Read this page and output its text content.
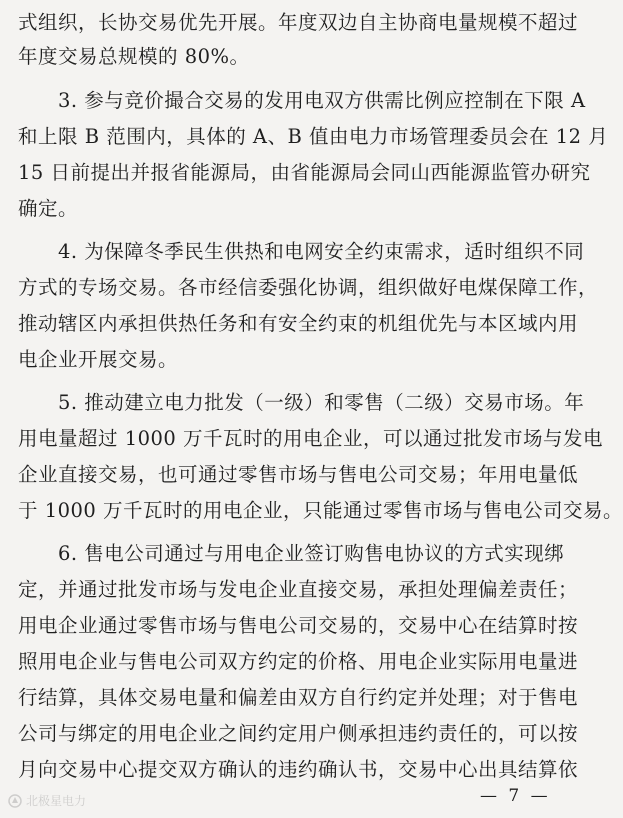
式组织，长协交易优先开展。年度双边自主协商电量规模不超过
年度交易总规模的 80%。
3. 参与竞价撮合交易的发用电双方供需比例应控制在下限 A
和上限 B 范围内，具体的 A、B 值由电力市场管理委员会在 12 月
15 日前提出并报省能源局，由省能源局会同山西能源监管办研究
确定。
4. 为保障冬季民生供热和电网安全约束需求，适时组织不同
方式的专场交易。各市经信委强化协调，组织做好电煤保障工作，
推动辖区内承担供热任务和有安全约束的机组优先与本区域内用
电企业开展交易。
5. 推动建立电力批发（一级）和零售（二级）交易市场。年
用电量超过 1000 万千瓦时的用电企业，可以通过批发市场与发电
企业直接交易，也可通过零售市场与售电公司交易；年用电量低
于 1000 万千瓦时的用电企业，只能通过零售市场与售电公司交易。
6. 售电公司通过与用电企业签订购售电协议的方式实现绑
定，并通过批发市场与发电企业直接交易，承担处理偏差责任；
用电企业通过零售市场与售电公司交易的，交易中心在结算时按
照用电企业与售电公司双方约定的价格、用电企业实际用电量进
行结算，具体交易电量和偏差由双方自行约定并处理；对于售电
公司与绑定的用电企业之间约定用户侧承担违约责任的，可以按
月向交易中心提交双方确认的违约确认书，交易中心出具结算依
— 7 —
北极星电力
